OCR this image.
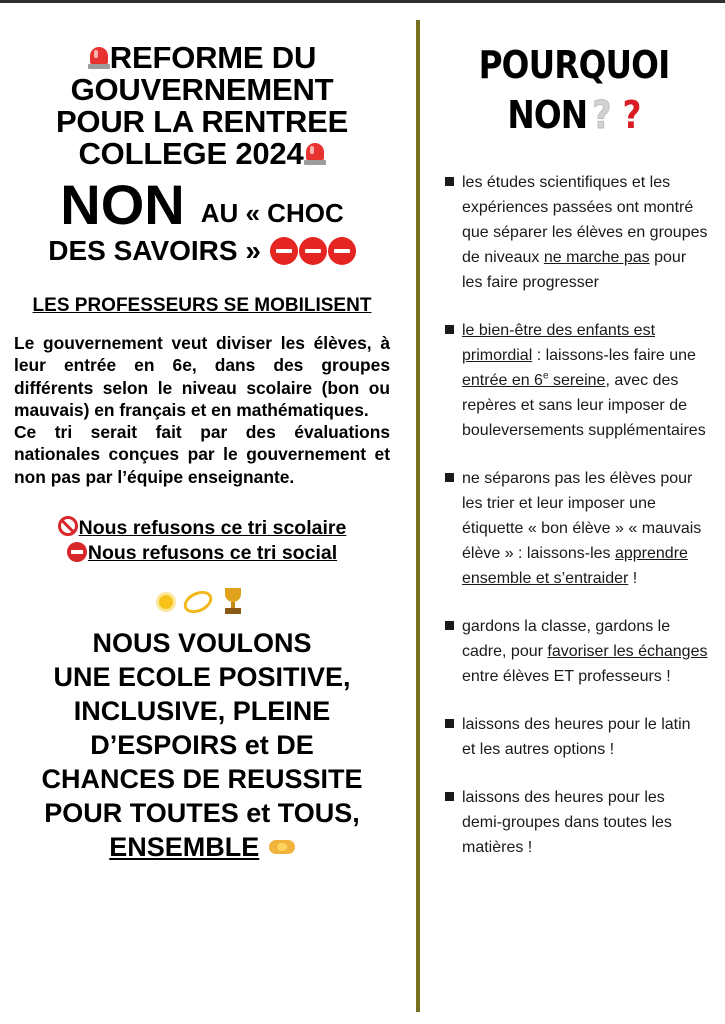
REFORME DU
GOUVERNEMENT
POUR LA RENTREE
COLLEGE 2024
NON AU « CHOC
DES SAVOIRS »
LES PROFESSEURS SE MOBILISENT

Le gouvernement veut diviser les élèves, à leur entrée en 6e, dans des groupes différents selon le niveau scolaire (bon ou mauvais) en français et en mathématiques.

Ce tri serait fait par des évaluations nationales conçues par le gouvernement et non pas par l’équipe enseignante.

Nous refusons ce tri scolaire
Nous refusons ce tri social
NOUS VOULONS
UNE ECOLE POSITIVE,
INCLUSIVE, PLEINE
D’ESPOIRS et DE
CHANCES DE REUSSITE
POUR TOUTES et TOUS,
ENSEMBLE
POURQUOI
NON ? ?
les études scientifiques et les expériences passées ont montré que séparer les élèves en groupes de niveaux ne marche pas pour les faire progresser
le bien-être des enfants est primordial : laissons-les faire une entrée en 6e sereine, avec des repères et sans leur imposer de bouleversements supplémentaires
ne séparons pas les élèves pour les trier et leur imposer une étiquette « bon élève » « mauvais élève » : laissons-les apprendre ensemble et s’entraider !
gardons la classe, gardons le cadre, pour favoriser les échanges entre élèves ET professeurs !
laissons des heures pour le latin et les autres options !
laissons des heures pour les demi-groupes dans toutes les matières !
